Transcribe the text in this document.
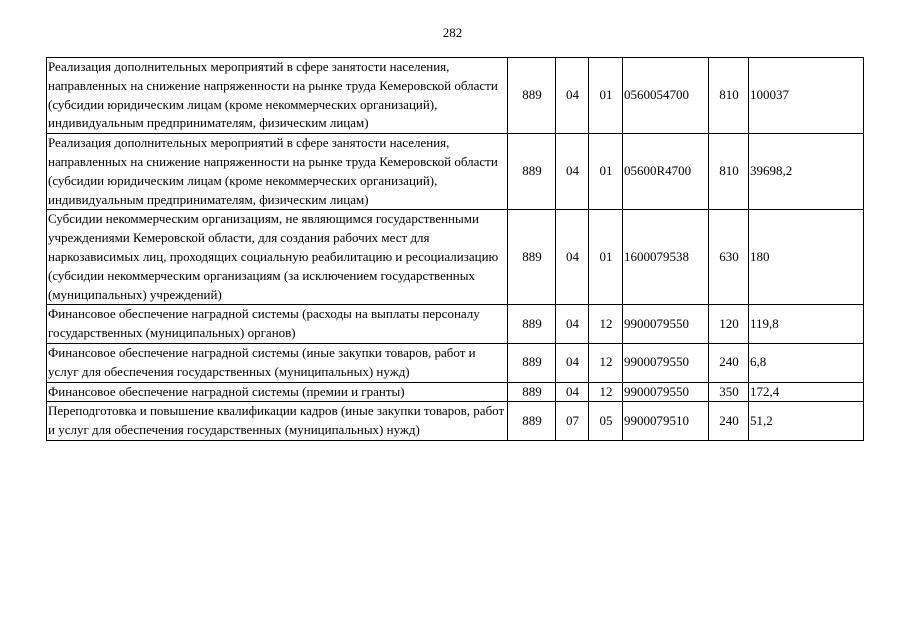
282
Реализация дополнительных мероприятий в сфере занятости населения, направленных на снижение напряженности на рынке труда Кемеровской области (субсидии юридическим лицам (кроме некоммерческих организаций), индивидуальным предпринимателям, физическим лицам)	889	04	01	0560054700	810	100037
Реализация дополнительных мероприятий в сфере занятости населения, направленных на снижение напряженности на рынке труда Кемеровской области (субсидии юридическим лицам (кроме некоммерческих организаций), индивидуальным предпринимателям, физическим лицам)	889	04	01	05600R4700	810	39698,2
Субсидии некоммерческим организациям, не являющимся государственными учреждениями Кемеровской области, для создания рабочих мест для наркозависимых лиц, проходящих социальную реабилитацию и ресоциализацию (субсидии некоммерческим организациям (за исключением государственных (муниципальных) учреждений)	889	04	01	1600079538	630	180
Финансовое обеспечение наградной системы (расходы на выплаты персоналу государственных (муниципальных) органов)	889	04	12	9900079550	120	119,8
Финансовое обеспечение наградной системы (иные закупки товаров, работ и услуг для обеспечения государственных (муниципальных) нужд)	889	04	12	9900079550	240	6,8
Финансовое обеспечение наградной системы (премии и гранты)	889	04	12	9900079550	350	172,4
Переподготовка и повышение квалификации кадров (иные закупки товаров, работ и услуг для обеспечения государственных (муниципальных) нужд)	889	07	05	9900079510	240	51,2
